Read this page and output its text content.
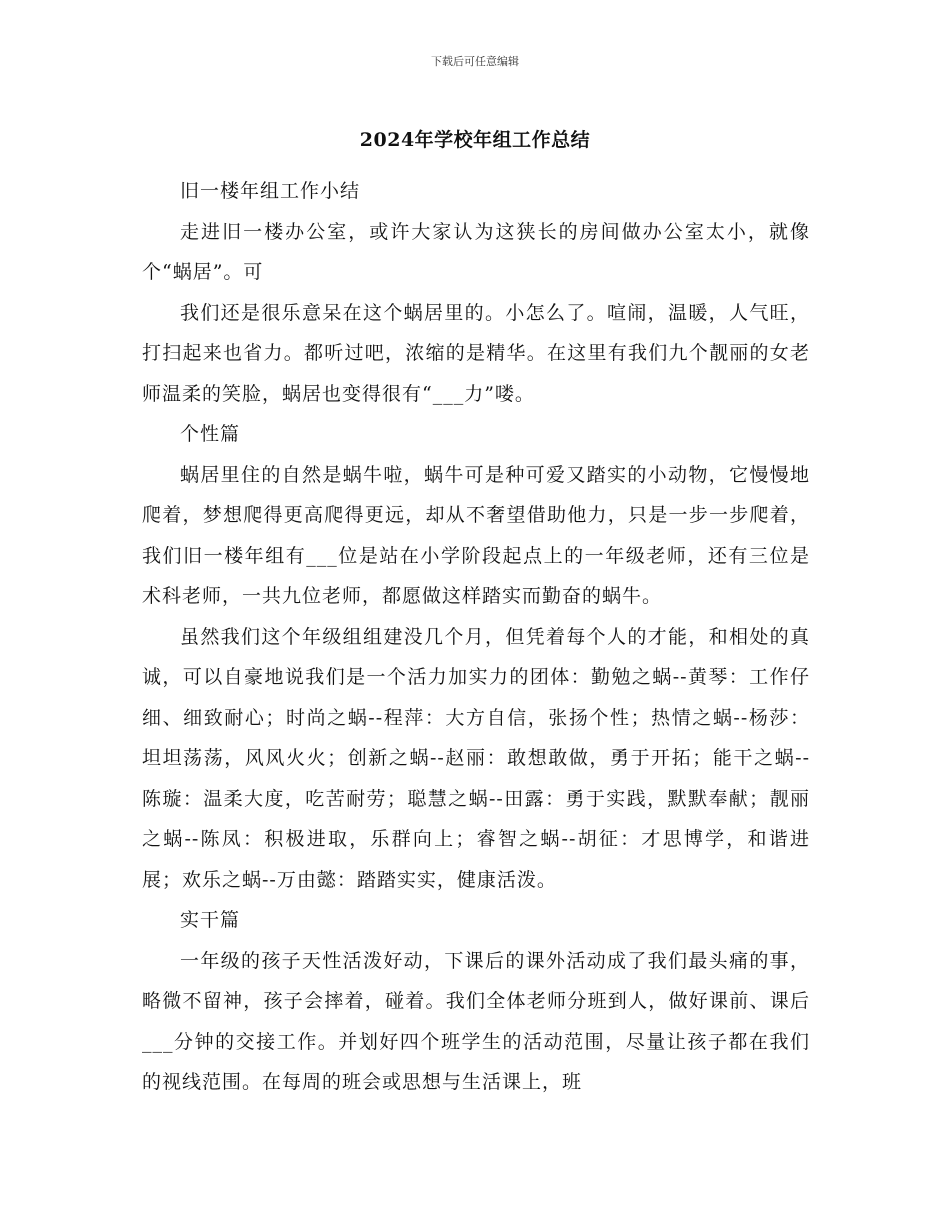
下载后可任意编辑
2024年学校年组工作总结

旧一楼年组工作小结

走进旧一楼办公室，或许大家认为这狭长的房间做办公室太小，就像个“蜗居”。可

我们还是很乐意呆在这个蜗居里的。小怎么了。喧闹，温暖，人气旺，打扫起来也省力。都听过吧，浓缩的是精华。在这里有我们九个靓丽的女老师温柔的笑脸，蜗居也变得很有“___力”喽。

个性篇

蜗居里住的自然是蜗牛啦，蜗牛可是种可爱又踏实的小动物，它慢慢地爬着，梦想爬得更高爬得更远，却从不奢望借助他力，只是一步一步爬着，我们旧一楼年组有___位是站在小学阶段起点上的一年级老师，还有三位是术科老师，一共九位老师，都愿做这样踏实而勤奋的蜗牛。

虽然我们这个年级组组建没几个月，但凭着每个人的才能，和相处的真诚，可以自豪地说我们是一个活力加实力的团体：勤勉之蜗--黄琴：工作仔细、细致耐心；时尚之蜗--程萍：大方自信，张扬个性；热情之蜗--杨莎：坦坦荡荡，风风火火；创新之蜗--赵丽：敢想敢做，勇于开拓；能干之蜗--陈璇：温柔大度，吃苦耐劳；聪慧之蜗--田露：勇于实践，默默奉献；靓丽之蜗--陈凤：积极进取，乐群向上；睿智之蜗--胡征：才思博学，和谐进展；欢乐之蜗--万由懿：踏踏实实，健康活泼。

实干篇

一年级的孩子天性活泼好动，下课后的课外活动成了我们最头痛的事，略微不留神，孩子会摔着，碰着。我们全体老师分班到人，做好课前、课后___分钟的交接工作。并划好四个班学生的活动范围，尽量让孩子都在我们的视线范围。在每周的班会或思想与生活课上，班
